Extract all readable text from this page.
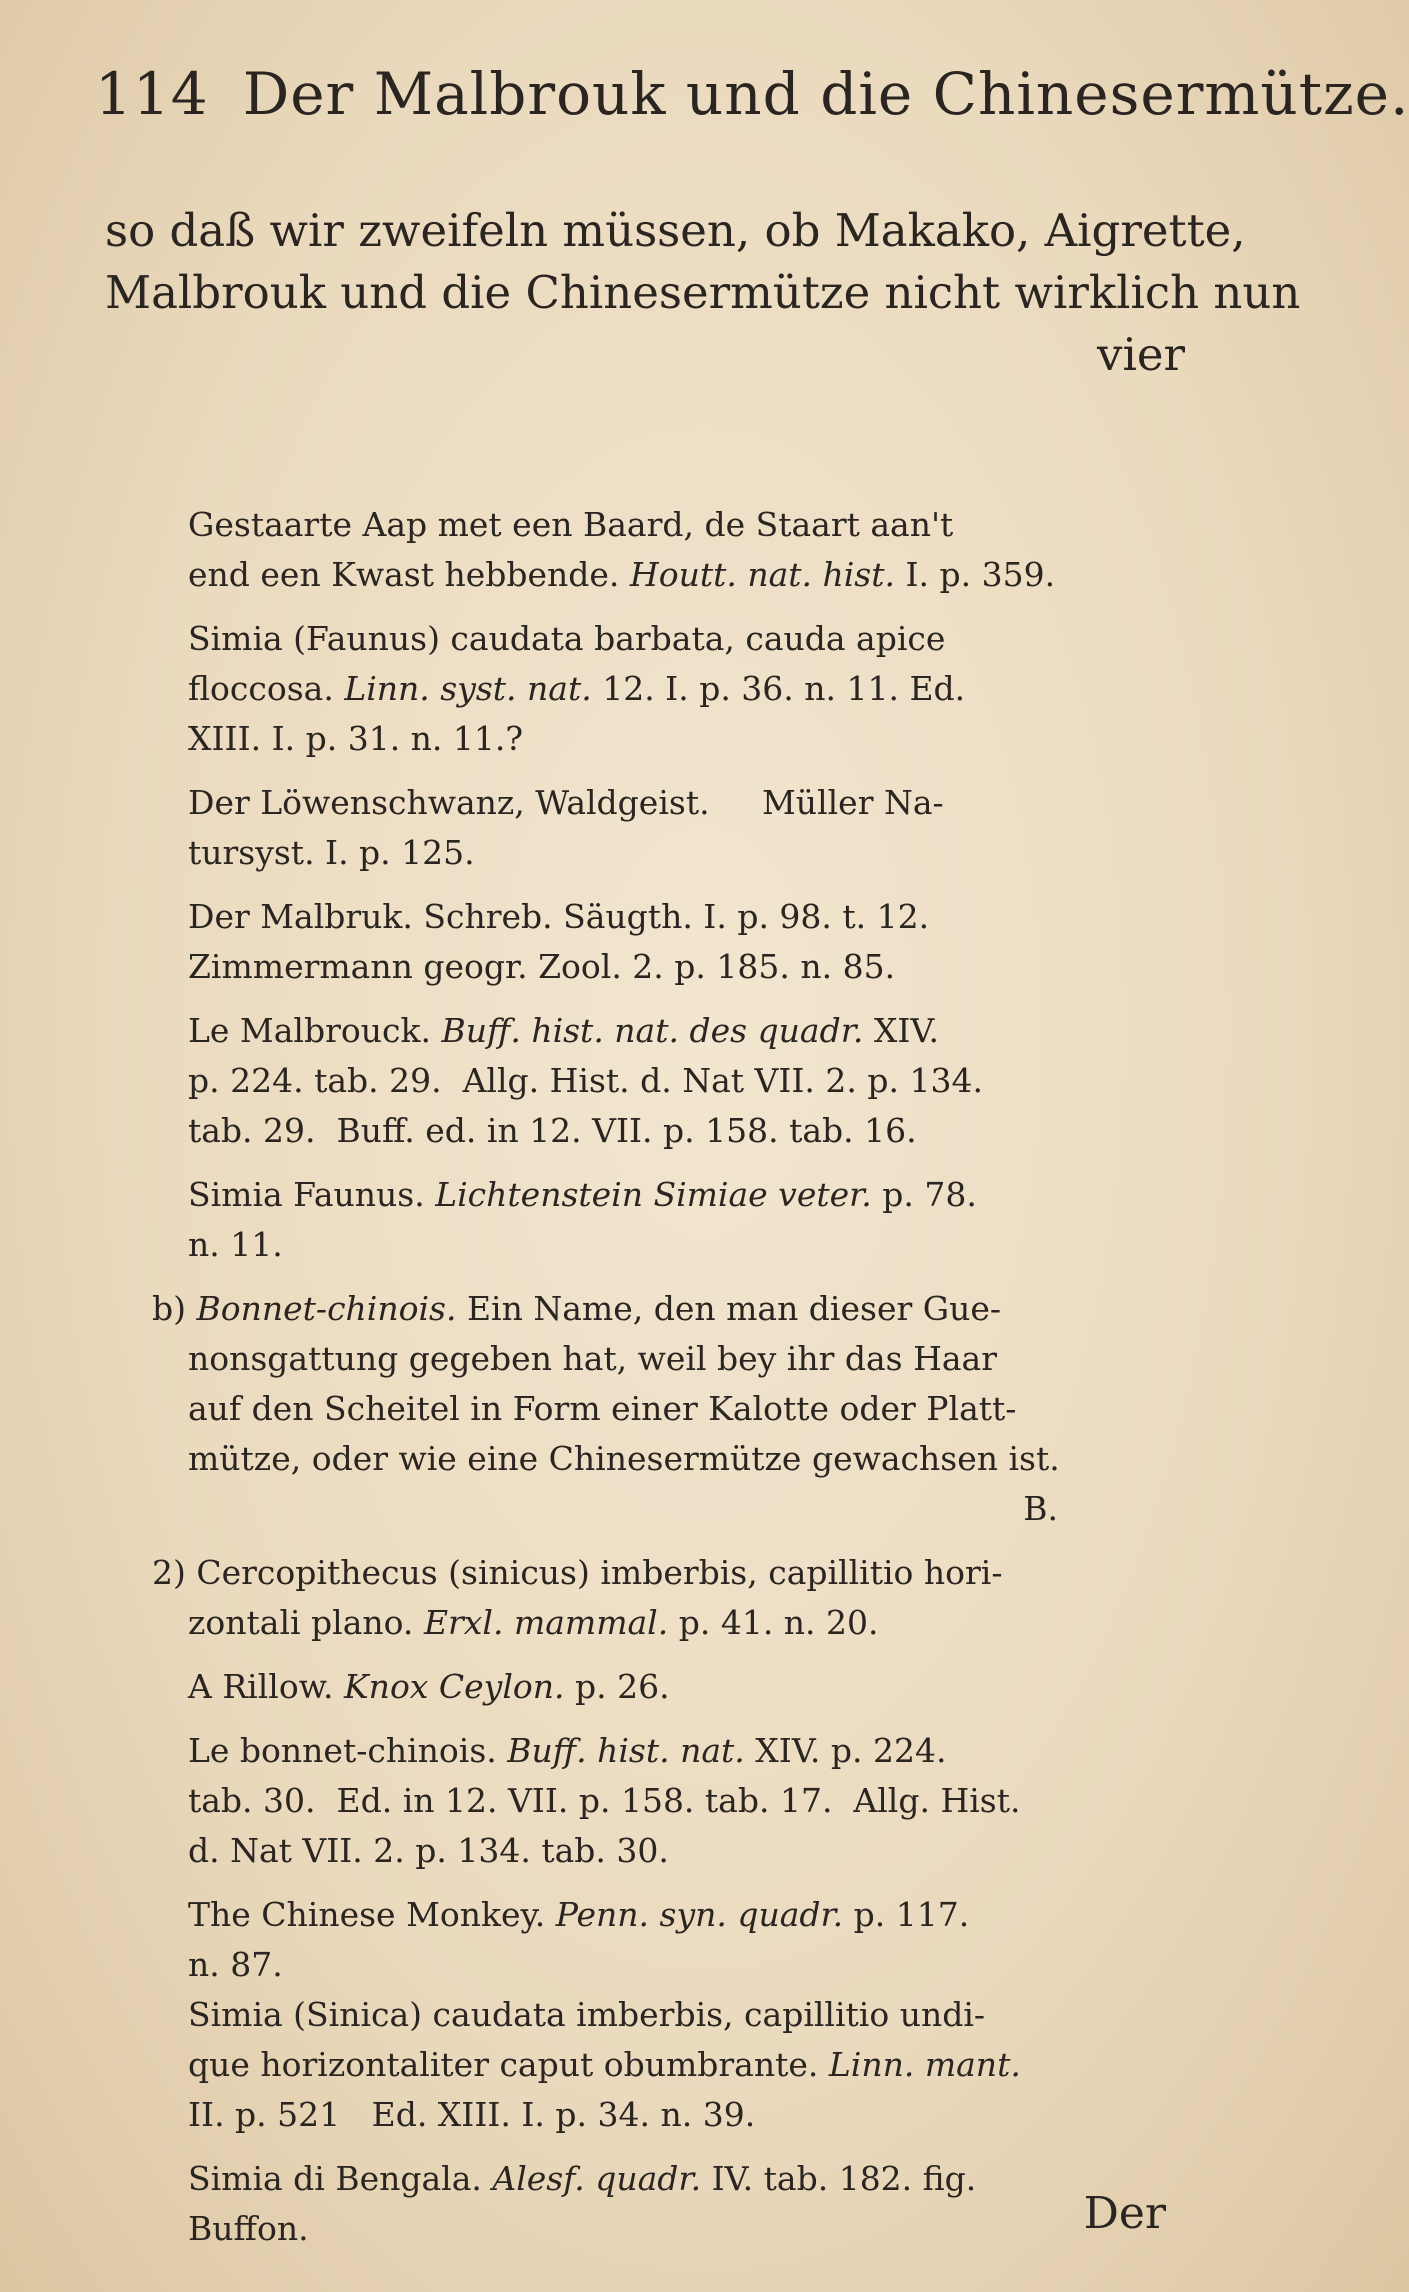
114 Der Malbrouk und die Chinesermütze.
so daß wir zweifeln müssen, ob Makako, Aigrette,
Malbrouk und die Chinesermütze nicht wirklich nun
vier
Gestaarte Aap met een Baard, de Staart aan't
end een Kwast hebbende. Houtt. nat. hist. I. p. 359.
Simia (Faunus) caudata barbata, cauda apice
floccosa. Linn. syst. nat. 12. I. p. 36. n. 11. Ed.
XIII. I. p. 31. n. 11.?
Der Löwenschwanz, Waldgeist.     Müller Na-
tursyst. I. p. 125.
Der Malbruk. Schreb. Säugth. I. p. 98. t. 12.
Zimmermann geogr. Zool. 2. p. 185. n. 85.
Le Malbrouck. Buff. hist. nat. des quadr. XIV.
p. 224. tab. 29.  Allg. Hist. d. Nat VII. 2. p. 134.
tab. 29.  Buff. ed. in 12. VII. p. 158. tab. 16.
Simia Faunus. Lichtenstein Simiae veter. p. 78.
n. 11.
b) Bonnet-chinois. Ein Name, den man dieser Gue-
nonsgattung gegeben hat, weil bey ihr das Haar
auf den Scheitel in Form einer Kalotte oder Platt-
mütze, oder wie eine Chinesermütze gewachsen ist.
B.
2) Cercopithecus (sinicus) imberbis, capillitio hori-
zontali plano. Erxl. mammal. p. 41. n. 20.
A Rillow. Knox Ceylon. p. 26.
Le bonnet-chinois. Buff. hist. nat. XIV. p. 224.
tab. 30.  Ed. in 12. VII. p. 158. tab. 17.  Allg. Hist.
d. Nat VII. 2. p. 134. tab. 30.
The Chinese Monkey. Penn. syn. quadr. p. 117.
n. 87.
Simia (Sinica) caudata imberbis, capillitio undi-
que horizontaliter caput obumbrante. Linn. mant.
II. p. 521   Ed. XIII. I. p. 34. n. 39.
Simia di Bengala. Alesf. quadr. IV. tab. 182. fig.
Buffon.	Der
